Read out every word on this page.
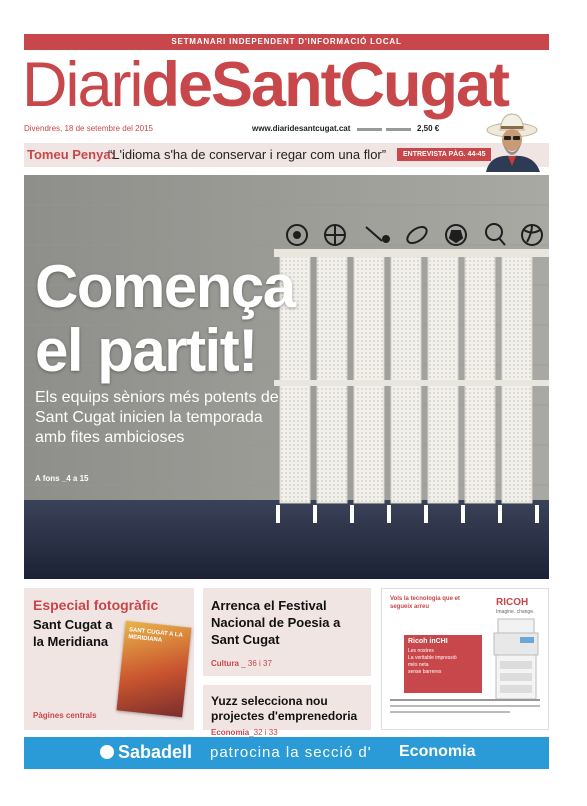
SETMANARI INDEPENDENT D'INFORMACIÓ LOCAL
DiarideSantCugat
Divendres, 18 de setembre del 2015	www.diaridesantcugat.cat	2,50 €
Tomeu Penya:
“L'idioma s'ha de conservar i regar com una flor”	ENTREVISTA PÀG. 44-45
Comença
el partit!
Els equips sèniors més potents de Sant Cugat inicien la temporada amb fites ambicioses
A fons _4 a 15
Especial fotogràfic
Sant Cugat a la Meridiana
SANT CUGAT A LA MERIDIANA
Pàgines centrals
Arrenca el Festival Nacional de Poesia a Sant Cugat
Cultura _ 36 i 37
Yuzz selecciona nou projectes d'emprenedoria Economia_32 i 33
Vols la tecnologia que et segueix arreu	RICOH
Imagine. change.
Ricoh inCHI
Les nostres
La veritable impressió
més neta
sense barreres
Sabadell patrocina la secció d' Economia
